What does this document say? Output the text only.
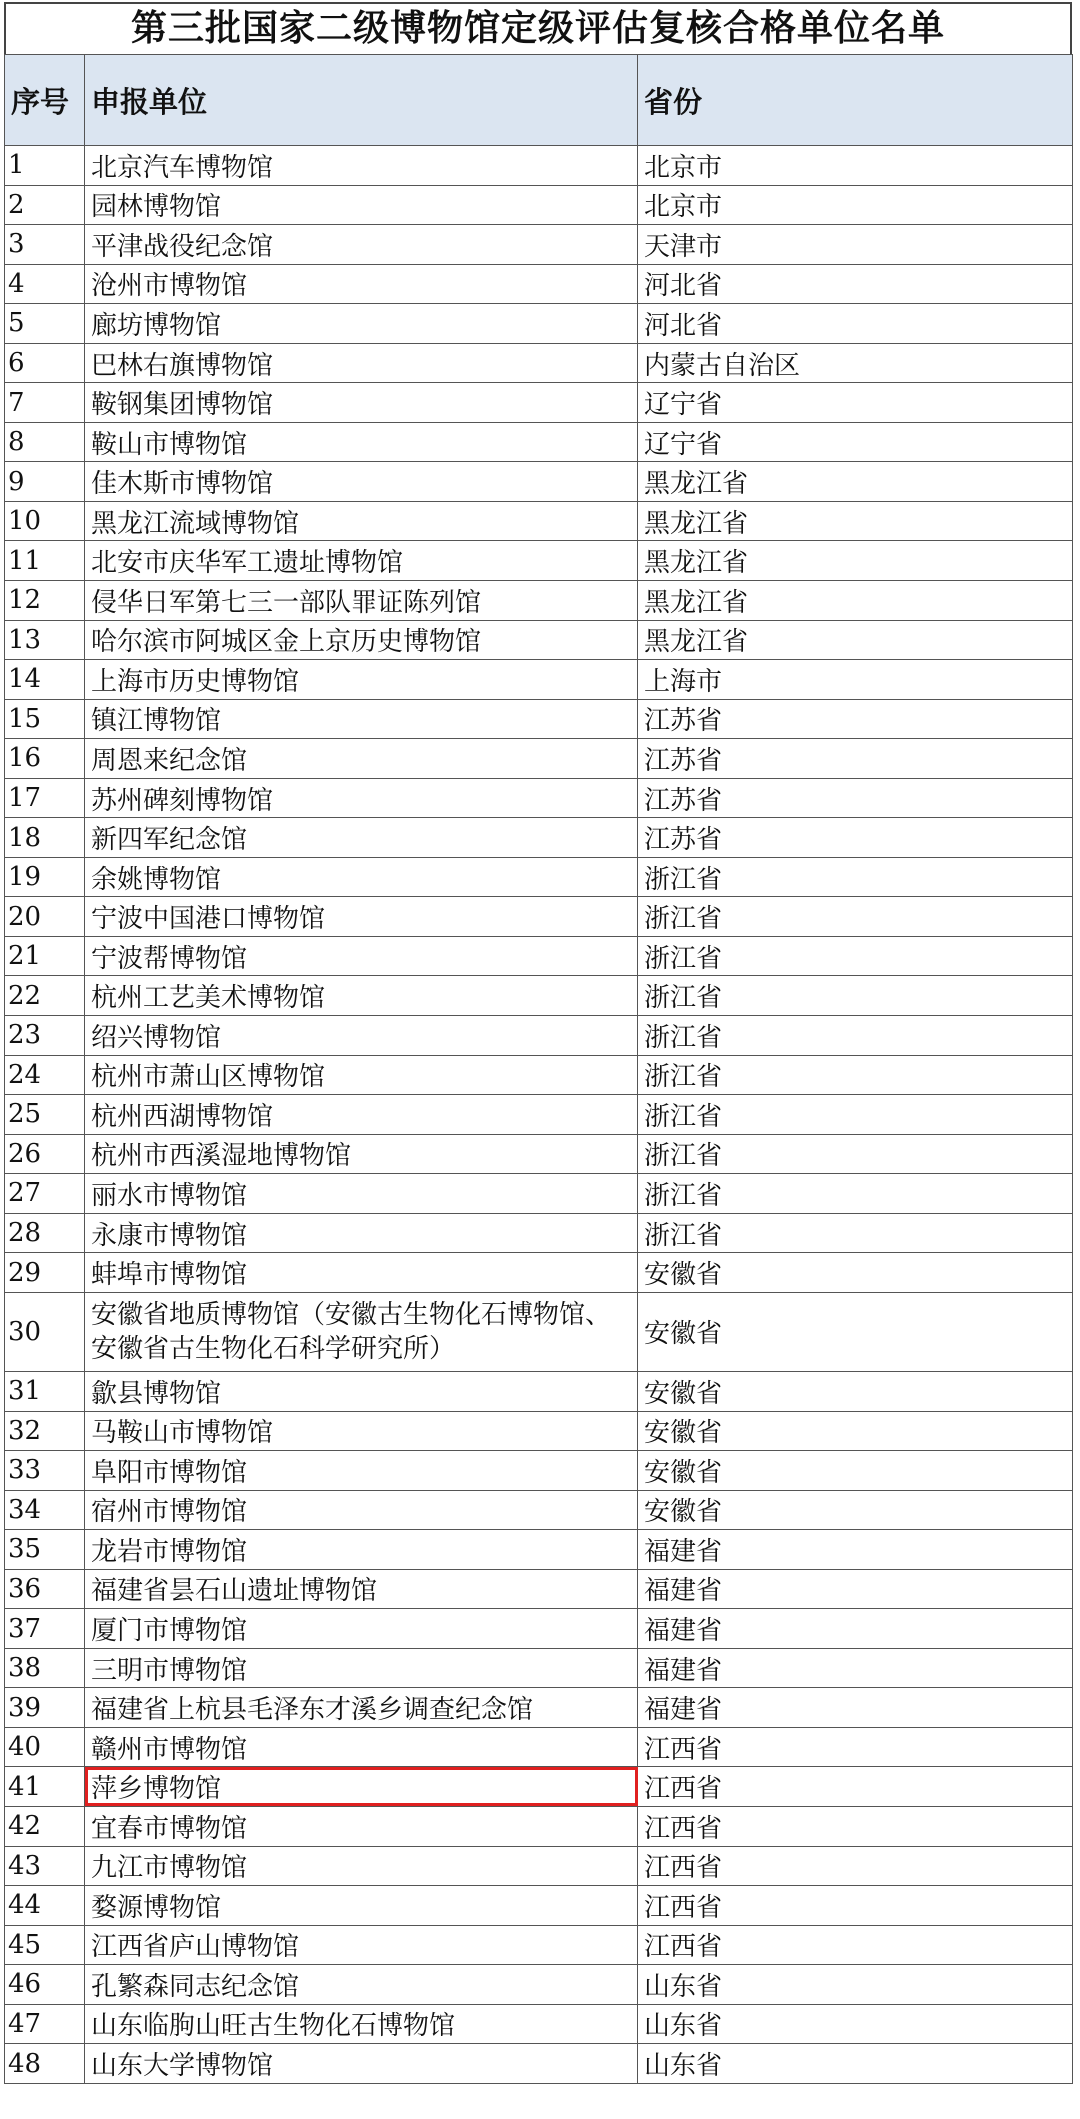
第三批国家二级博物馆定级评估复核合格单位名单
序号	申报单位	省份
1	北京汽车博物馆	北京市
2	园林博物馆	北京市
3	平津战役纪念馆	天津市
4	沧州市博物馆	河北省
5	廊坊博物馆	河北省
6	巴林右旗博物馆	内蒙古自治区
7	鞍钢集团博物馆	辽宁省
8	鞍山市博物馆	辽宁省
9	佳木斯市博物馆	黑龙江省
10	黑龙江流域博物馆	黑龙江省
11	北安市庆华军工遗址博物馆	黑龙江省
12	侵华日军第七三一部队罪证陈列馆	黑龙江省
13	哈尔滨市阿城区金上京历史博物馆	黑龙江省
14	上海市历史博物馆	上海市
15	镇江博物馆	江苏省
16	周恩来纪念馆	江苏省
17	苏州碑刻博物馆	江苏省
18	新四军纪念馆	江苏省
19	余姚博物馆	浙江省
20	宁波中国港口博物馆	浙江省
21	宁波帮博物馆	浙江省
22	杭州工艺美术博物馆	浙江省
23	绍兴博物馆	浙江省
24	杭州市萧山区博物馆	浙江省
25	杭州西湖博物馆	浙江省
26	杭州市西溪湿地博物馆	浙江省
27	丽水市博物馆	浙江省
28	永康市博物馆	浙江省
29	蚌埠市博物馆	安徽省
30	安徽省地质博物馆（安徽古生物化石博物馆、安徽省古生物化石科学研究所）	安徽省
31	歙县博物馆	安徽省
32	马鞍山市博物馆	安徽省
33	阜阳市博物馆	安徽省
34	宿州市博物馆	安徽省
35	龙岩市博物馆	福建省
36	福建省昙石山遗址博物馆	福建省
37	厦门市博物馆	福建省
38	三明市博物馆	福建省
39	福建省上杭县毛泽东才溪乡调查纪念馆	福建省
40	赣州市博物馆	江西省
41	萍乡博物馆	江西省
42	宜春市博物馆	江西省
43	九江市博物馆	江西省
44	婺源博物馆	江西省
45	江西省庐山博物馆	江西省
46	孔繁森同志纪念馆	山东省
47	山东临朐山旺古生物化石博物馆	山东省
48	山东大学博物馆	山东省
